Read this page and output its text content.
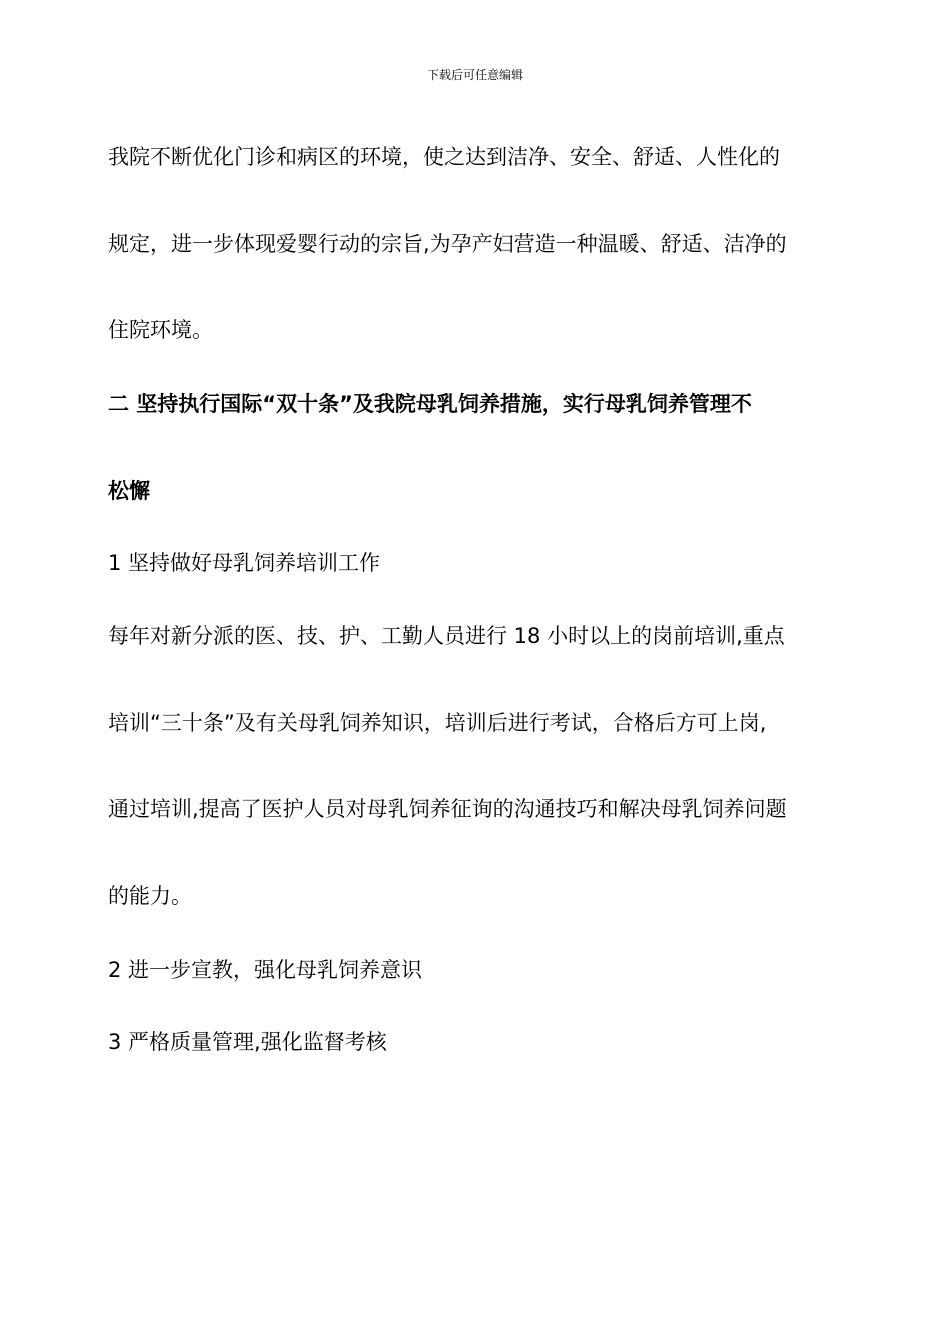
下载后可任意编辑
我院不断优化门诊和病区的环境，使之达到洁净、安全、舒适、人性化的
规定，进一步体现爱婴行动的宗旨,为孕产妇营造一种温暖、舒适、洁净的
住院环境。
二 坚持执行国际“双十条”及我院母乳饲养措施，实行母乳饲养管理不
松懈
1 坚持做好母乳饲养培训工作
每年对新分派的医、技、护、工勤人员进行 18 小时以上的岗前培训,重点
培训“三十条”及有关母乳饲养知识，培训后进行考试，合格后方可上岗,
通过培训,提高了医护人员对母乳饲养征询的沟通技巧和解决母乳饲养问题
的能力。
2 进一步宣教，强化母乳饲养意识
3 严格质量管理,强化监督考核
